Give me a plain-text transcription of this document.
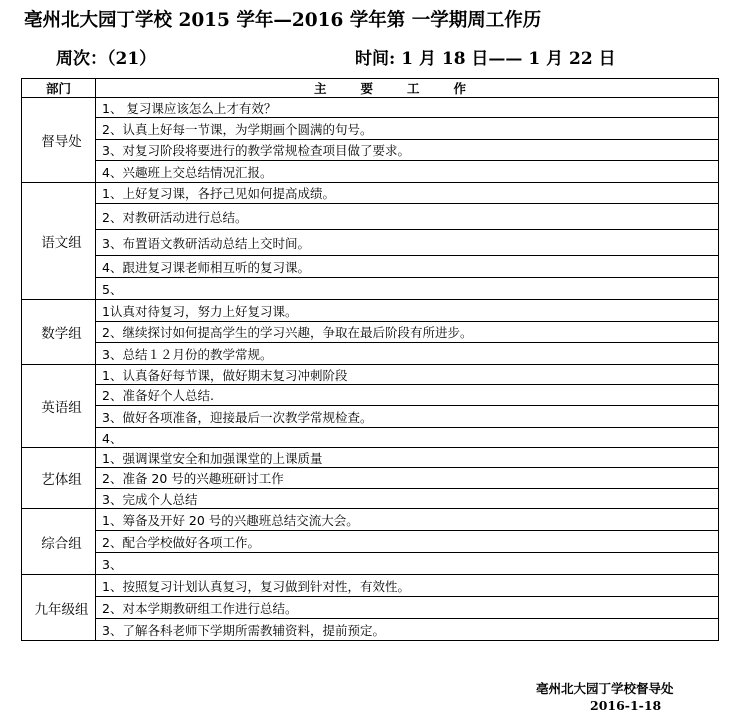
亳州北大园丁学校 2015 学年—2016 学年第 一学期周工作历
周次：（21）	时间: 1 月 18 日—— 1 月 22 日
部门	主要工作
督导处	1、 复习课应该怎么上才有效？
	2、认真上好每一节课，为学期画个圆满的句号。
	3、对复习阶段将要进行的教学常规检查项目做了要求。
	4、兴趣班上交总结情况汇报。
语文组	1、上好复习课，各抒己见如何提高成绩。
	2、对教研活动进行总结。
	3、布置语文教研活动总结上交时间。
	4、跟进复习课老师相互听的复习课。
	5、
数学组	1认真对待复习，努力上好复习课。
	2、继续探讨如何提高学生的学习兴趣，争取在最后阶段有所进步。
	3、总结１２月份的教学常规。
英语组	1、认真备好每节课，做好期末复习冲刺阶段
	2、准备好个人总结.
	3、做好各项准备，迎接最后一次教学常规检查。
	4、
艺体组	1、强调课堂安全和加强课堂的上课质量
	2、准备 20 号的兴趣班研讨工作
	3、完成个人总结
综合组	1、筹备及开好 20 号的兴趣班总结交流大会。
	2、配合学校做好各项工作。
	3、
九年级组	1、按照复习计划认真复习，复习做到针对性，有效性。
	2、对本学期教研组工作进行总结。
	3、了解各科老师下学期所需教辅资料，提前预定。
亳州北大园丁学校督导处
2016-1-18
